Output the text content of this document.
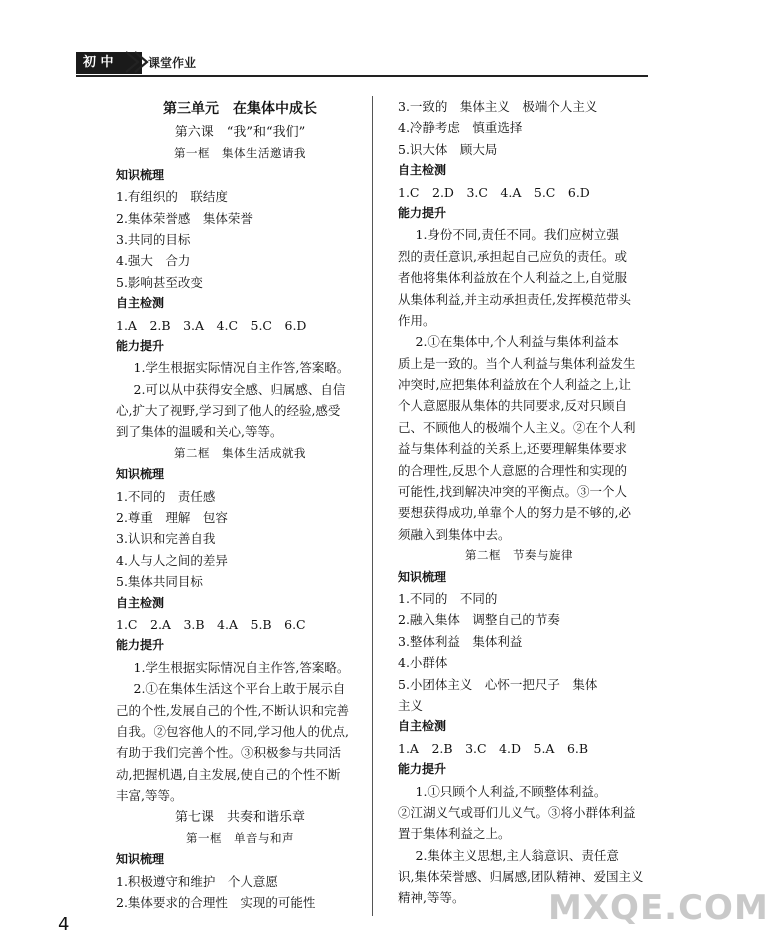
初 中	课堂作业
第三单元　在集体中成长
第六课　“我”和“我们”
第一框　集体生活邀请我
知识梳理
1.有组织的　联结度
2.集体荣誉感　集体荣誉
3.共同的目标
4.强大　合力
5.影响甚至改变
自主检测
1.A　2.B　3.A　4.C　5.C　6.D
能力提升
1.学生根据实际情况自主作答,答案略。
2.可以从中获得安全感、归属感、自信
心,扩大了视野,学习到了他人的经验,感受
到了集体的温暖和关心,等等。
第二框　集体生活成就我
知识梳理
1.不同的　责任感
2.尊重　理解　包容
3.认识和完善自我
4.人与人之间的差异
5.集体共同目标
自主检测
1.C　2.A　3.B　4.A　5.B　6.C
能力提升
1.学生根据实际情况自主作答,答案略。
2.①在集体生活这个平台上敢于展示自
己的个性,发展自己的个性,不断认识和完善
自我。②包容他人的不同,学习他人的优点,
有助于我们完善个性。③积极参与共同活
动,把握机遇,自主发展,使自己的个性不断
丰富,等等。
第七课　共奏和谐乐章
第一框　单音与和声
知识梳理
1.积极遵守和维护　个人意愿
2.集体要求的合理性　实现的可能性
3.一致的　集体主义　极端个人主义
4.冷静考虑　慎重选择
5.识大体　顾大局
自主检测
1.C　2.D　3.C　4.A　5.C　6.D
能力提升
1.身份不同,责任不同。我们应树立强
烈的责任意识,承担起自己应负的责任。或
者他将集体利益放在个人利益之上,自觉服
从集体利益,并主动承担责任,发挥模范带头
作用。
2.①在集体中,个人利益与集体利益本
质上是一致的。当个人利益与集体利益发生
冲突时,应把集体利益放在个人利益之上,让
个人意愿服从集体的共同要求,反对只顾自
己、不顾他人的极端个人主义。②在个人利
益与集体利益的关系上,还要理解集体要求
的合理性,反思个人意愿的合理性和实现的
可能性,找到解决冲突的平衡点。③一个人
要想获得成功,单靠个人的努力是不够的,必
须融入到集体中去。
第二框　节奏与旋律
知识梳理
1.不同的　不同的
2.融入集体　调整自己的节奏
3.整体利益　集体利益
4.小群体
5.小团体主义　心怀一把尺子　集体
主义
自主检测
1.A　2.B　3.C　4.D　5.A　6.B
能力提升
1.①只顾个人利益,不顾整体利益。
②江湖义气或哥们儿义气。③将小群体利益
置于集体利益之上。
2.集体主义思想,主人翁意识、责任意
识,集体荣誉感、归属感,团队精神、爱国主义
精神,等等。	MXQE.COM
4
